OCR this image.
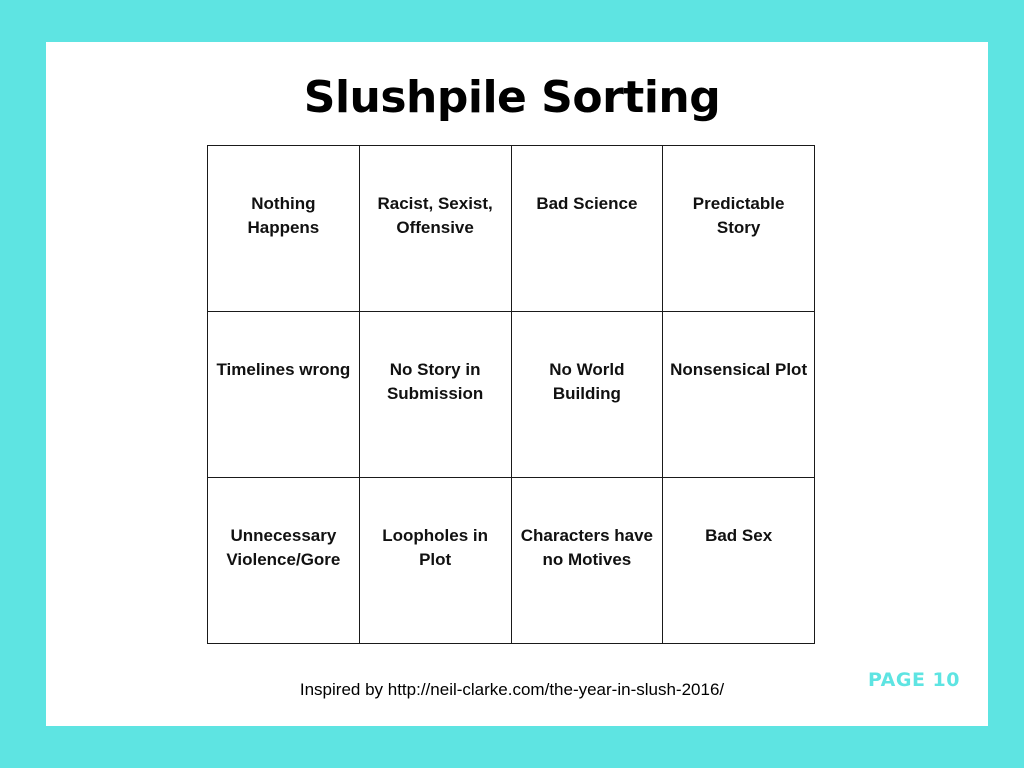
Slushpile Sorting
Nothing Happens	Racist, Sexist, Offensive	Bad Science	Predictable Story
Timelines wrong	No Story in Submission	No World Building	Nonsensical Plot
Unnecessary Violence/Gore	Loopholes in Plot	Characters have no Motives	Bad Sex
Inspired by http://neil-clarke.com/the-year-in-slush-2016/	PAGE 10
